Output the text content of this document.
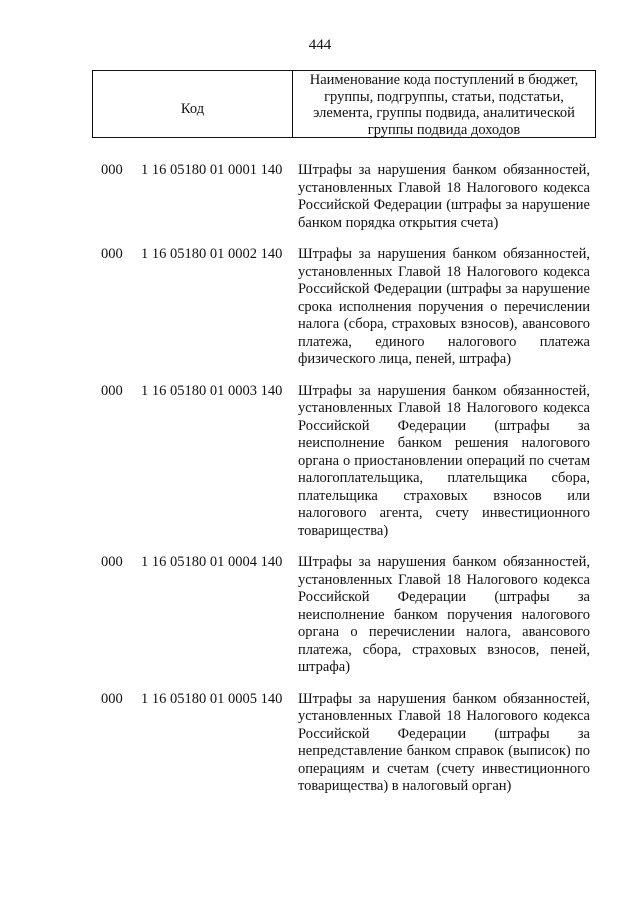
444
Код
Наименование кода поступлений в бюджет, группы, подгруппы, статьи, подстатьи, элемента, группы подвида, аналитической группы подвида доходов
000 1 16 05180 01 0001 140 Штрафы за нарушения банком обязанностей, установленных Главой 18 Налогового кодекса Российской Федерации (штрафы за нарушение банком порядка открытия счета)
000 1 16 05180 01 0002 140 Штрафы за нарушения банком обязанностей, установленных Главой 18 Налогового кодекса Российской Федерации (штрафы за нарушение срока исполнения поручения о перечислении налога (сбора, страховых взносов), авансового платежа, единого налогового платежа физического лица, пеней, штрафа)
000 1 16 05180 01 0003 140 Штрафы за нарушения банком обязанностей, установленных Главой 18 Налогового кодекса Российской Федерации (штрафы за неисполнение банком решения налогового органа о приостановлении операций по счетам налогоплательщика, плательщика сбора, плательщика страховых взносов или налогового агента, счету инвестиционного товарищества)
000 1 16 05180 01 0004 140 Штрафы за нарушения банком обязанностей, установленных Главой 18 Налогового кодекса Российской Федерации (штрафы за неисполнение банком поручения налогового органа о перечислении налога, авансового платежа, сбора, страховых взносов, пеней, штрафа)
000 1 16 05180 01 0005 140 Штрафы за нарушения банком обязанностей, установленных Главой 18 Налогового кодекса Российской Федерации (штрафы за непредставление банком справок (выписок) по операциям и счетам (счету инвестиционного товарищества) в налоговый орган)
